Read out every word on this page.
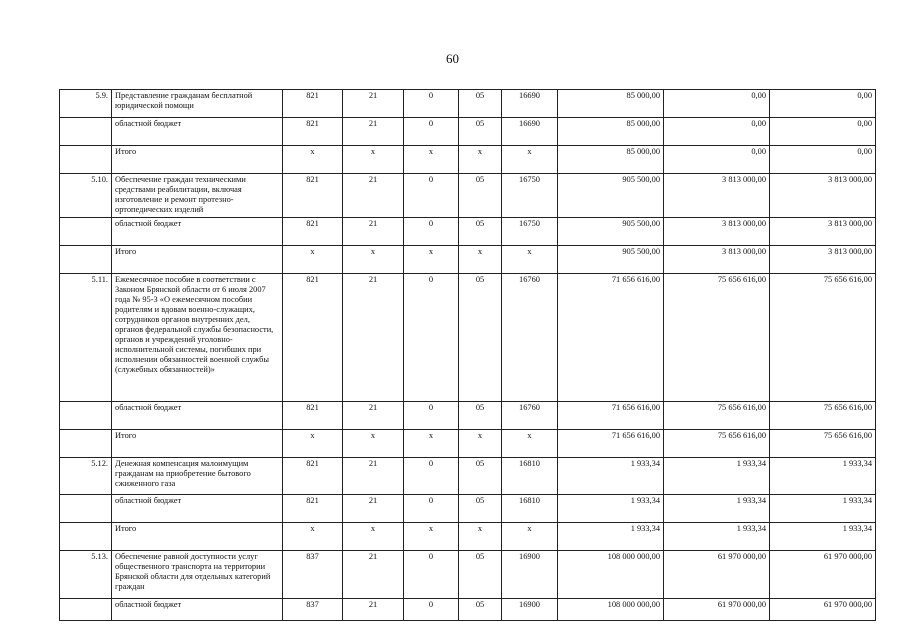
60
5.9.	Представление гражданам бесплатной юридической помощи	821	21	0	05	16690	85 000,00	0,00	0,00
	областной бюджет	821	21	0	05	16690	85 000,00	0,00	0,00
	Итого	x	x	x	x	x	85 000,00	0,00	0,00
5.10.	Обеспечение граждан техническими средствами реабилитации, включая изготовление и ремонт протезно-ортопедических изделий	821	21	0	05	16750	905 500,00	3 813 000,00	3 813 000,00
	областной бюджет	821	21	0	05	16750	905 500,00	3 813 000,00	3 813 000,00
	Итого	x	x	x	x	x	905 500,00	3 813 000,00	3 813 000,00
5.11.	Ежемесячное пособие в соответствии с Законом Брянской области от 6 июля 2007 года № 95-З «О ежемесячном пособии родителям и вдовам военно-служащих, сотрудников органов внутренних дел, органов федеральной службы безопасности, органов и учреждений уголовно-исполнительной системы, погибших при исполнении обязанностей военной службы (служебных обязанностей)»	821	21	0	05	16760	71 656 616,00	75 656 616,00	75 656 616,00
	областной бюджет	821	21	0	05	16760	71 656 616,00	75 656 616,00	75 656 616,00
	Итого	x	x	x	x	x	71 656 616,00	75 656 616,00	75 656 616,00
5.12.	Денежная компенсация малоимущим гражданам на приобретение бытового сжиженного газа	821	21	0	05	16810	1 933,34	1 933,34	1 933,34
	областной бюджет	821	21	0	05	16810	1 933,34	1 933,34	1 933,34
	Итого	x	x	x	x	x	1 933,34	1 933,34	1 933,34
5.13.	Обеспечение равной доступности услуг общественного транспорта на территории Брянской области для отдельных категорий граждан	837	21	0	05	16900	108 000 000,00	61 970 000,00	61 970 000,00
	областной бюджет	837	21	0	05	16900	108 000 000,00	61 970 000,00	61 970 000,00
